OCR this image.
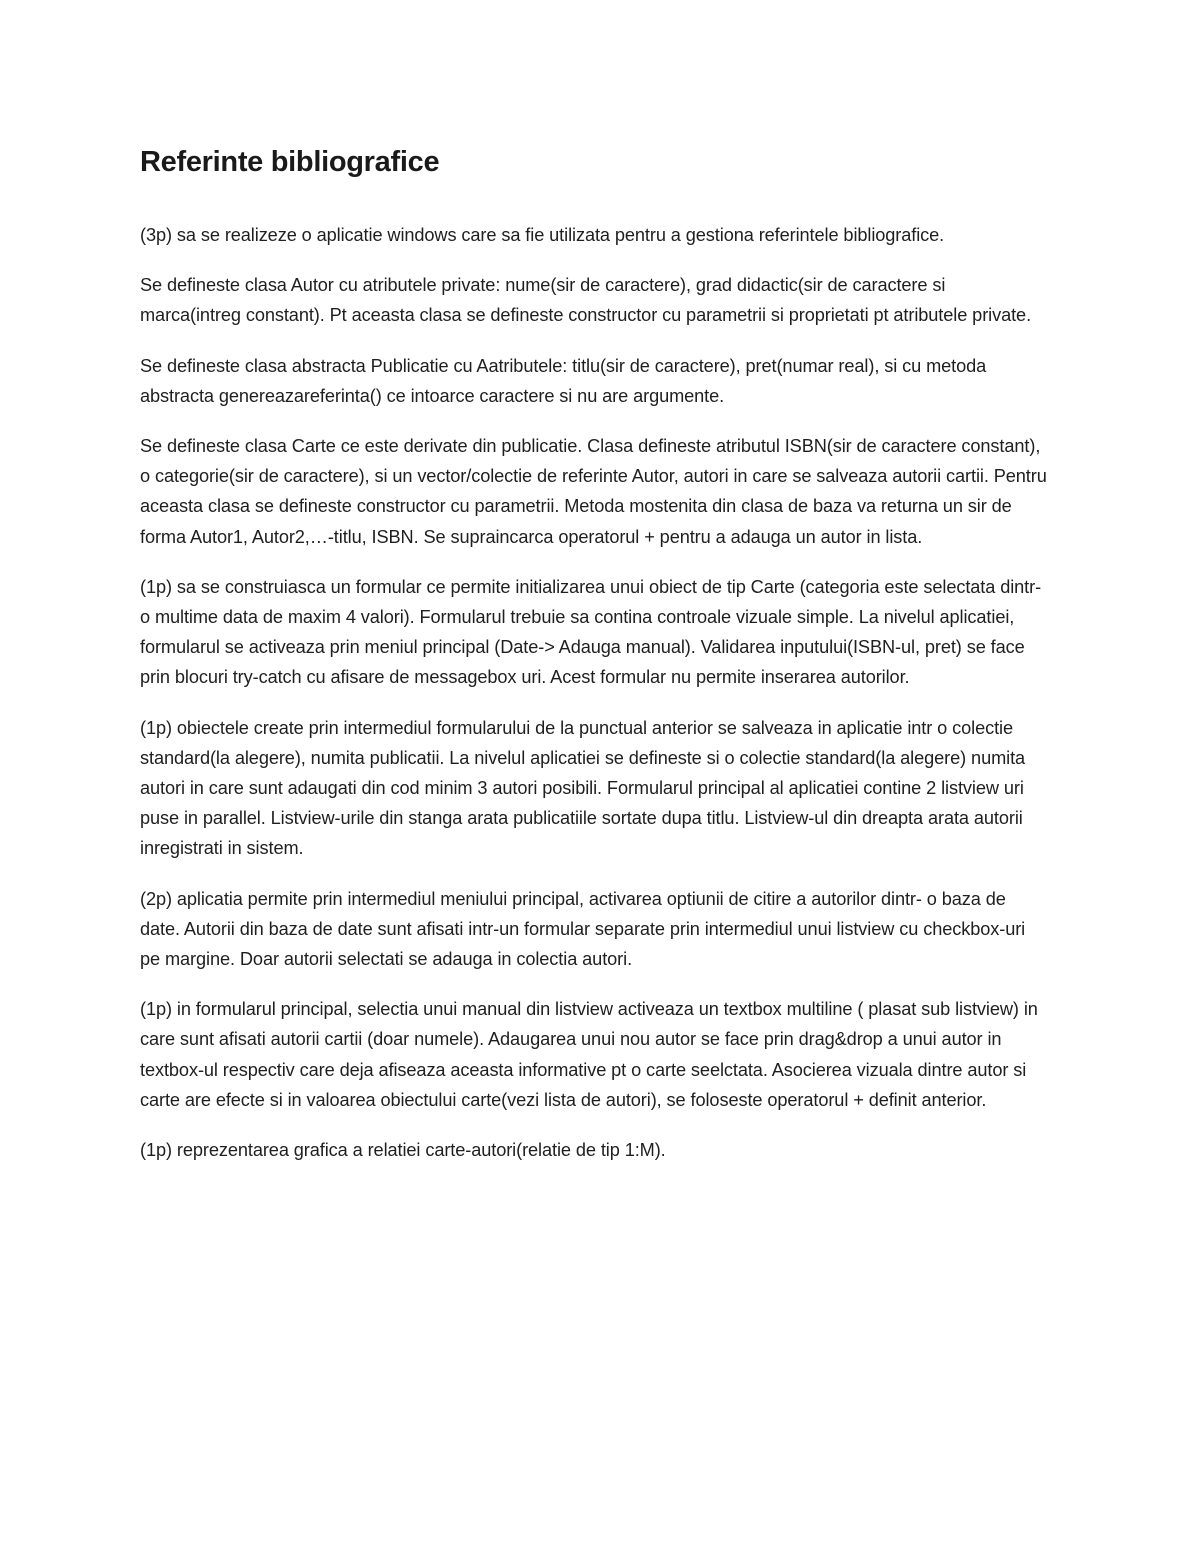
Referinte bibliografice

(3p) sa se realizeze o aplicatie windows care sa fie utilizata pentru a gestiona referintele bibliografice.

Se defineste clasa Autor cu atributele private: nume(sir de caractere), grad didactic(sir de caractere si marca(intreg constant). Pt aceasta clasa se defineste constructor cu parametrii si proprietati pt atributele private.

Se defineste clasa abstracta Publicatie cu Aatributele: titlu(sir de caractere), pret(numar real), si cu metoda abstracta genereazareferinta() ce intoarce caractere si nu are argumente.

Se defineste clasa Carte ce este derivate din publicatie. Clasa defineste atributul ISBN(sir de caractere constant), o categorie(sir de caractere), si un vector/colectie de referinte Autor, autori in care se salveaza autorii cartii. Pentru aceasta clasa se defineste constructor cu parametrii. Metoda mostenita din clasa de baza va returna un sir de forma Autor1, Autor2,…-titlu, ISBN. Se supraincarca operatorul + pentru a adauga un autor in lista.

(1p) sa se construiasca un formular ce permite initializarea unui obiect de tip Carte (categoria este selectata dintr-o multime data de maxim 4 valori). Formularul trebuie sa contina controale vizuale simple. La nivelul aplicatiei, formularul se activeaza prin meniul principal (Date-> Adauga manual). Validarea inputului(ISBN-ul, pret) se face prin blocuri try-catch cu afisare de messagebox uri. Acest formular nu permite inserarea autorilor.

(1p) obiectele create prin intermediul formularului de la punctual anterior se salveaza in aplicatie intr o colectie standard(la alegere), numita publicatii. La nivelul aplicatiei se defineste si o colectie standard(la alegere) numita autori in care sunt adaugati din cod minim 3 autori posibili. Formularul principal al aplicatiei contine 2 listview uri puse in parallel. Listview-urile din stanga arata publicatiile sortate dupa titlu. Listview-ul din dreapta arata autorii inregistrati in sistem.

(2p) aplicatia permite prin intermediul meniului principal, activarea optiunii de citire a autorilor dintr- o baza de date. Autorii din baza de date sunt afisati intr-un formular separate prin intermediul unui listview cu checkbox-uri pe margine. Doar autorii selectati se adauga in colectia autori.

(1p) in formularul principal, selectia unui manual din listview activeaza un textbox multiline ( plasat sub listview) in care sunt afisati autorii cartii (doar numele). Adaugarea unui nou autor se face prin drag&drop a unui autor in textbox-ul respectiv care deja afiseaza aceasta informative pt o carte seelctata. Asocierea vizuala dintre autor si carte are efecte si in valoarea obiectului carte(vezi lista de autori), se foloseste operatorul + definit anterior.

(1p) reprezentarea grafica a relatiei carte-autori(relatie de tip 1:M).
